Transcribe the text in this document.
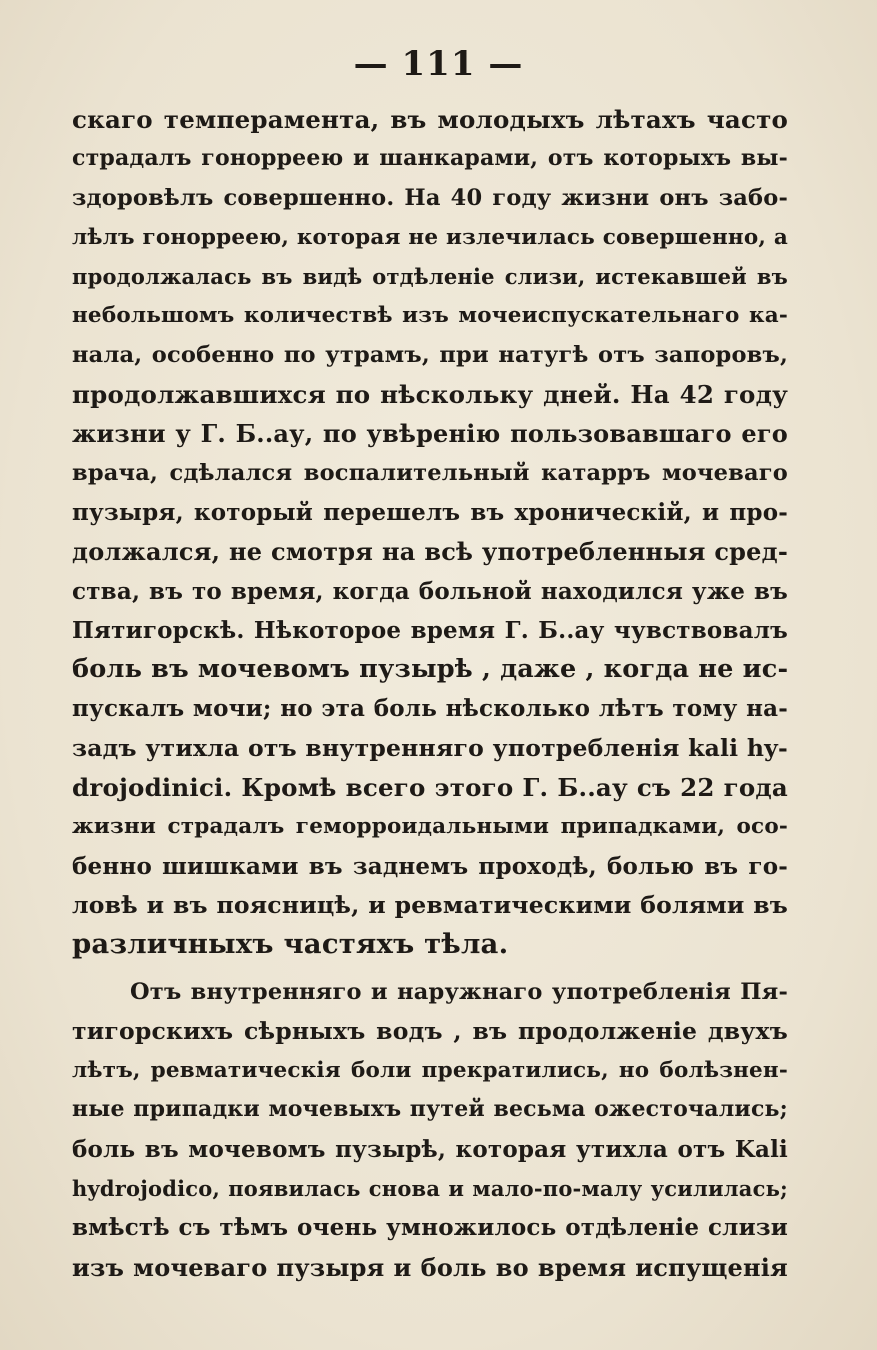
— 111 —
скаго темперамента, въ молодыхъ лѣтахъ часто
страдалъ гонорреею и шанкарами, отъ которыхъ вы-
здоровѣлъ совершенно. На 40 году жизни онъ забо-
лѣлъ гонорреею, которая не излечилась совершенно, а
продолжалась въ видѣ отдѣленіе слизи, истекавшей въ
небольшомъ количествѣ изъ мочеиспускательнаго ка-
нала, особенно по утрамъ, при натугѣ отъ запоровъ,
продолжавшихся по нѣскольку дней. На 42 году
жизни у Г. Б..ау, по увѣренію пользовавшаго его
врача, сдѣлался воспалительный катарръ мочеваго
пузыря, который перешелъ въ хроническій, и про-
должался, не смотря на всѣ употребленныя сред-
ства, въ то время, когда больной находился уже въ
Пятигорскѣ. Нѣкоторое время Г. Б..ау чувствовалъ
боль въ мочевомъ пузырѣ , даже , когда не ис-
пускалъ мочи; но эта боль нѣсколько лѣтъ тому на-
задъ утихла отъ внутренняго употребленія kali hy-
drojodinici. Кромѣ всего этого Г. Б..ау съ 22 года
жизни страдалъ геморроидальными припадками, осо-
бенно шишками въ заднемъ проходѣ, болью въ го-
ловѣ и въ поясницѣ, и ревматическими болями въ
различныхъ частяхъ тѣла.
Отъ внутренняго и наружнаго употребленія Пя-
тигорскихъ сѣрныхъ водъ , въ продолженіе двухъ
лѣтъ, ревматическія боли прекратились, но болѣзнен-
ные припадки мочевыхъ путей весьма ожесточались;
боль въ мочевомъ пузырѣ, которая утихла отъ Kali
hydrojodico, появилась снова и мало-по-малу усилилась;
вмѣстѣ съ тѣмъ очень умножилось отдѣленіе слизи
изъ мочеваго пузыря и боль во время испущенія
